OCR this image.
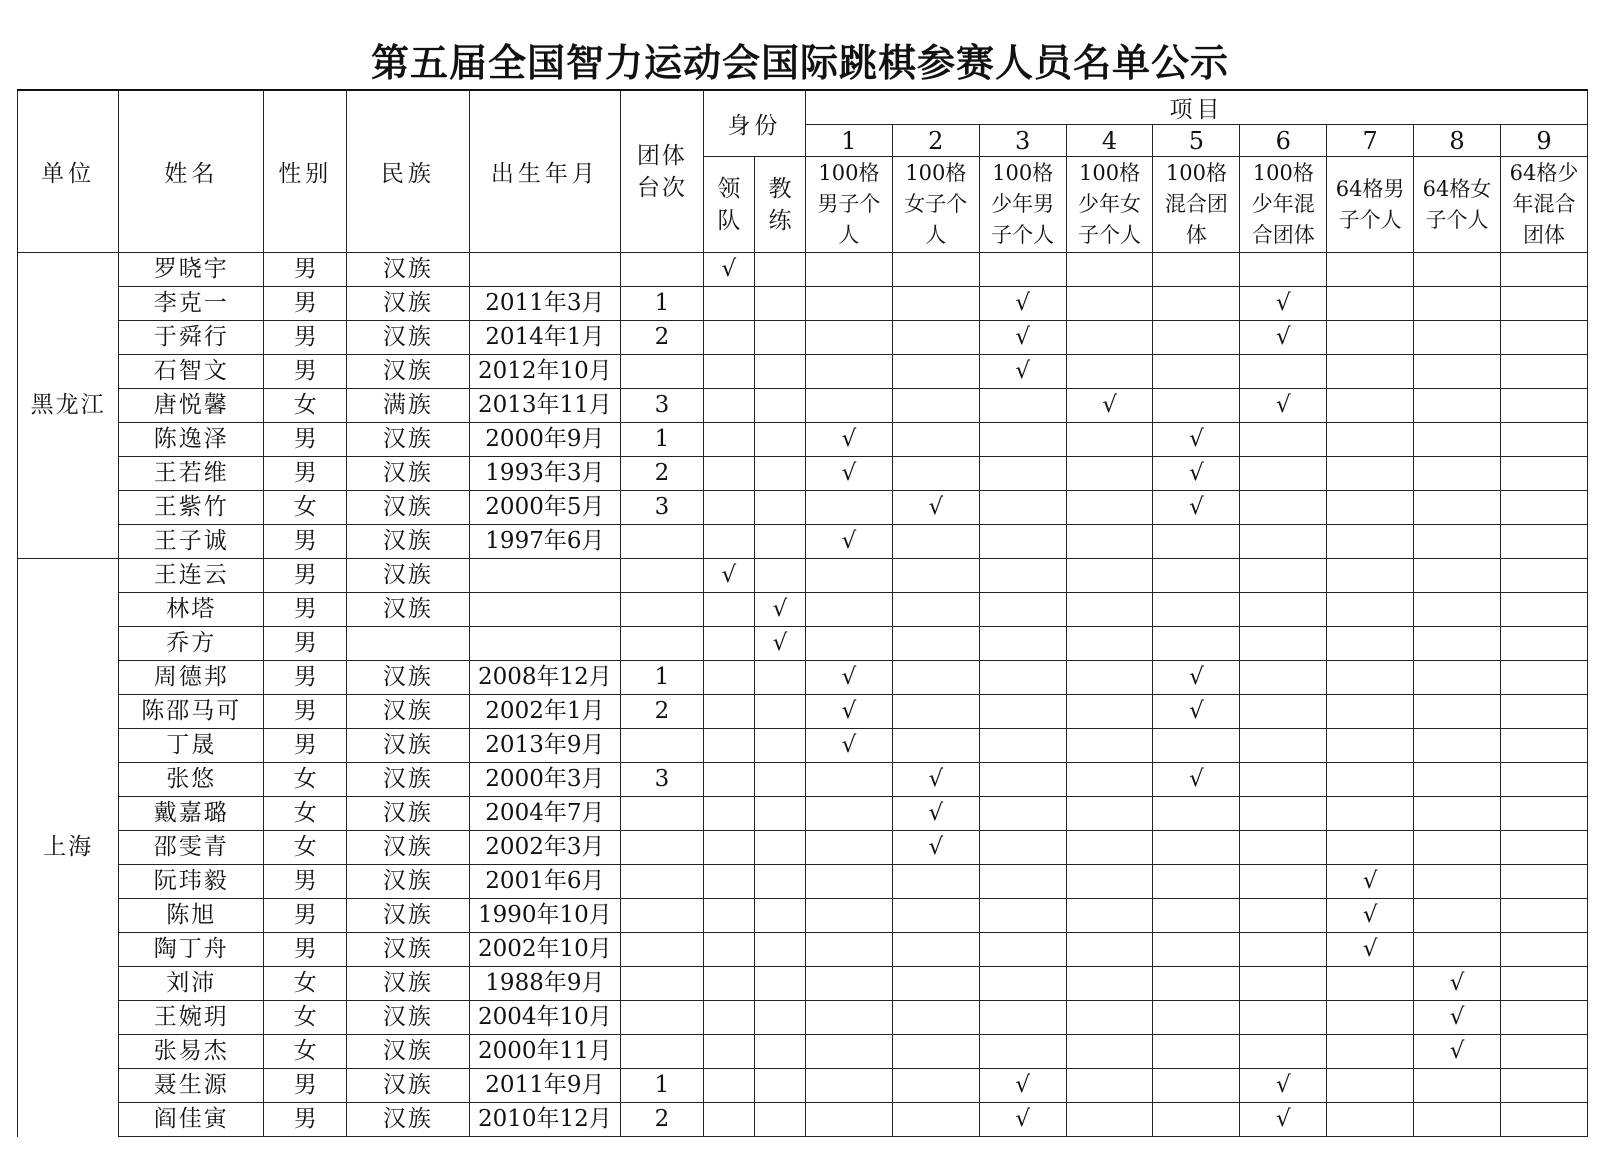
第五届全国智力运动会国际跳棋参赛人员名单公示
单位	姓名	性别	民族	出生年月	团体台次	身份		项目								
								1	2	3	4	5	6	7	8	9

						领队	教练	100格男子个人	100格女子个人	100格少年男子个人	100格少年女子个人	100格混合团体	100格少年混合团体	64格男子个人	64格女子个人	64格少年混合团体

黑龙江	罗晓宇	男	汉族			√										
	李克一	男	汉族	2011年3月	1					√			√			
	于舜行	男	汉族	2014年1月	2					√			√			
	石智文	男	汉族	2012年10月						√						
	唐悦馨	女	满族	2013年11月	3						√		√			
	陈逸泽	男	汉族	2000年9月	1			√				√				
	王若维	男	汉族	1993年3月	2			√				√				
	王紫竹	女	汉族	2000年5月	3				√			√				
	王子诚	男	汉族	1997年6月				√								
上海	王连云	男	汉族			√										
	林塔	男	汉族				√									
	乔方	男					√									
	周德邦	男	汉族	2008年12月	1			√				√				
	陈邵马可	男	汉族	2002年1月	2			√				√				
	丁晟	男	汉族	2013年9月				√								
	张悠	女	汉族	2000年3月	3				√			√				
	戴嘉璐	女	汉族	2004年7月					√							
	邵雯青	女	汉族	2002年3月					√							
	阮玮毅	男	汉族	2001年6月										√		
	陈旭	男	汉族	1990年10月										√		
	陶丁舟	男	汉族	2002年10月										√		
	刘沛	女	汉族	1988年9月											√	
	王婉玥	女	汉族	2004年10月											√	
	张易杰	女	汉族	2000年11月											√	
	聂生源	男	汉族	2011年9月	1					√			√			
	阎佳寅	男	汉族	2010年12月	2					√			√			
